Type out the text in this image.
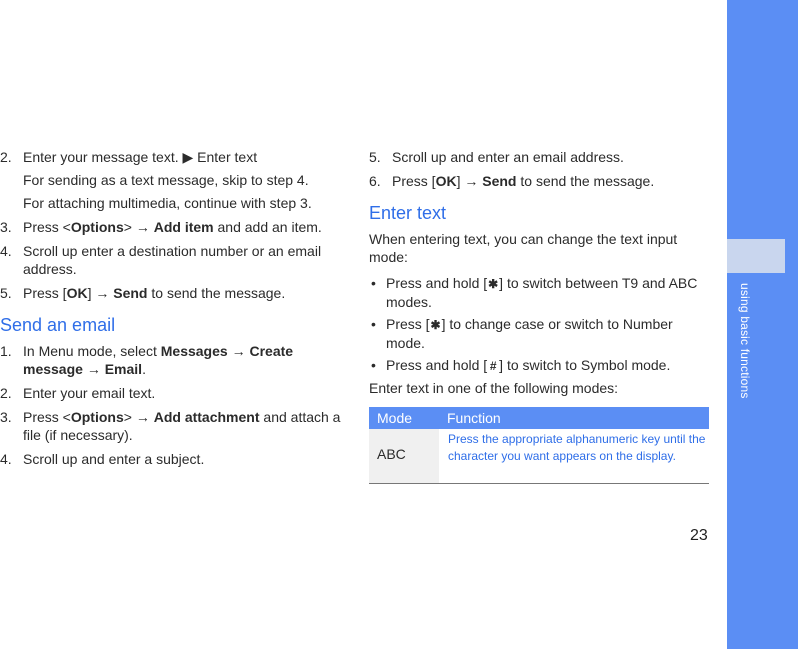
using basic functions
2. Enter your message text. ▶ Enter text
For sending as a text message, skip to step 4.
For attaching multimedia, continue with step 3.
3. Press <Options> → Add item and add an item.
4. Scroll up enter a destination number or an email address.
5. Press [OK] → Send to send the message.
Send an email
1. In Menu mode, select Messages → Create message → Email.
2. Enter your email text.
3. Press <Options> → Add attachment and attach a file (if necessary).
4. Scroll up and enter a subject.
5. Scroll up and enter an email address.
6. Press [OK] → Send to send the message.
Enter text
When entering text, you can change the text input mode:
• Press and hold [✱] to switch between T9 and ABC modes.
• Press [✱] to change case or switch to Number mode.
• Press and hold [ # ] to switch to Symbol mode.
Enter text in one of the following modes:
Mode	Function
ABC	Press the appropriate alphanumeric key until the character you want appears on the display.
23
